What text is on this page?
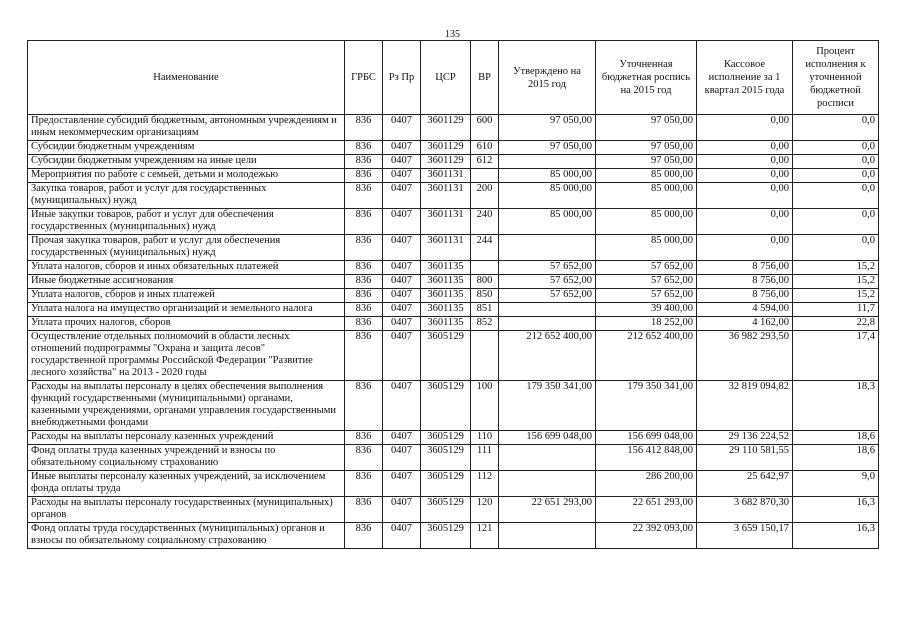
135
Наименование	ГРБС	Рз Пр	ЦСР	ВР	Утверждено на 2015 год	Уточненная бюджетная роспись на 2015 год	Кассовое исполнение за 1 квартал 2015 года	Процент исполнения к уточненной бюджетной росписи
Предоставление субсидий бюджетным, автономным учреждениям и иным некоммерческим организациям	836	0407	3601129	600	97 050,00	97 050,00	0,00	0,0
Субсидии бюджетным учреждениям	836	0407	3601129	610	97 050,00	97 050,00	0,00	0,0
Субсидии бюджетным учреждениям на иные цели	836	0407	3601129	612		97 050,00	0,00	0,0
Мероприятия по работе с семьей, детьми и молодежью	836	0407	3601131		85 000,00	85 000,00	0,00	0,0
Закупка товаров, работ и услуг для государственных (муниципальных) нужд	836	0407	3601131	200	85 000,00	85 000,00	0,00	0,0
Иные закупки товаров, работ и услуг для обеспечения государственных (муниципальных) нужд	836	0407	3601131	240	85 000,00	85 000,00	0,00	0,0
Прочая закупка товаров, работ и услуг для обеспечения государственных (муниципальных) нужд	836	0407	3601131	244		85 000,00	0,00	0,0
Уплата налогов, сборов и иных обязательных платежей	836	0407	3601135		57 652,00	57 652,00	8 756,00	15,2
Иные бюджетные ассигнования	836	0407	3601135	800	57 652,00	57 652,00	8 756,00	15,2
Уплата налогов, сборов и иных платежей	836	0407	3601135	850	57 652,00	57 652,00	8 756,00	15,2
Уплата налога на имущество организаций и земельного налога	836	0407	3601135	851		39 400,00	4 594,00	11,7
Уплата прочих налогов, сборов	836	0407	3601135	852		18 252,00	4 162,00	22,8
Осуществление отдельных полномочий в области лесных отношений подпрограммы "Охрана и защита лесов" государственной программы Российской Федерации "Развитие лесного хозяйства" на 2013 - 2020 годы	836	0407	3605129		212 652 400,00	212 652 400,00	36 982 293,50	17,4
Расходы на выплаты персоналу в целях обеспечения выполнения функций государственными (муниципальными) органами, казенными учреждениями, органами управления государственными внебюджетными фондами	836	0407	3605129	100	179 350 341,00	179 350 341,00	32 819 094,82	18,3
Расходы на выплаты персоналу казенных учреждений	836	0407	3605129	110	156 699 048,00	156 699 048,00	29 136 224,52	18,6
Фонд оплаты труда казенных учреждений и взносы по обязательному социальному страхованию	836	0407	3605129	111		156 412 848,00	29 110 581,55	18,6
Иные выплаты персоналу казенных учреждений, за исключением фонда оплаты труда	836	0407	3605129	112		286 200,00	25 642,97	9,0
Расходы на выплаты персоналу государственных (муниципальных) органов	836	0407	3605129	120	22 651 293,00	22 651 293,00	3 682 870,30	16,3
Фонд оплаты труда государственных (муниципальных) органов и взносы по обязательному социальному страхованию	836	0407	3605129	121		22 392 093,00	3 659 150,17	16,3
